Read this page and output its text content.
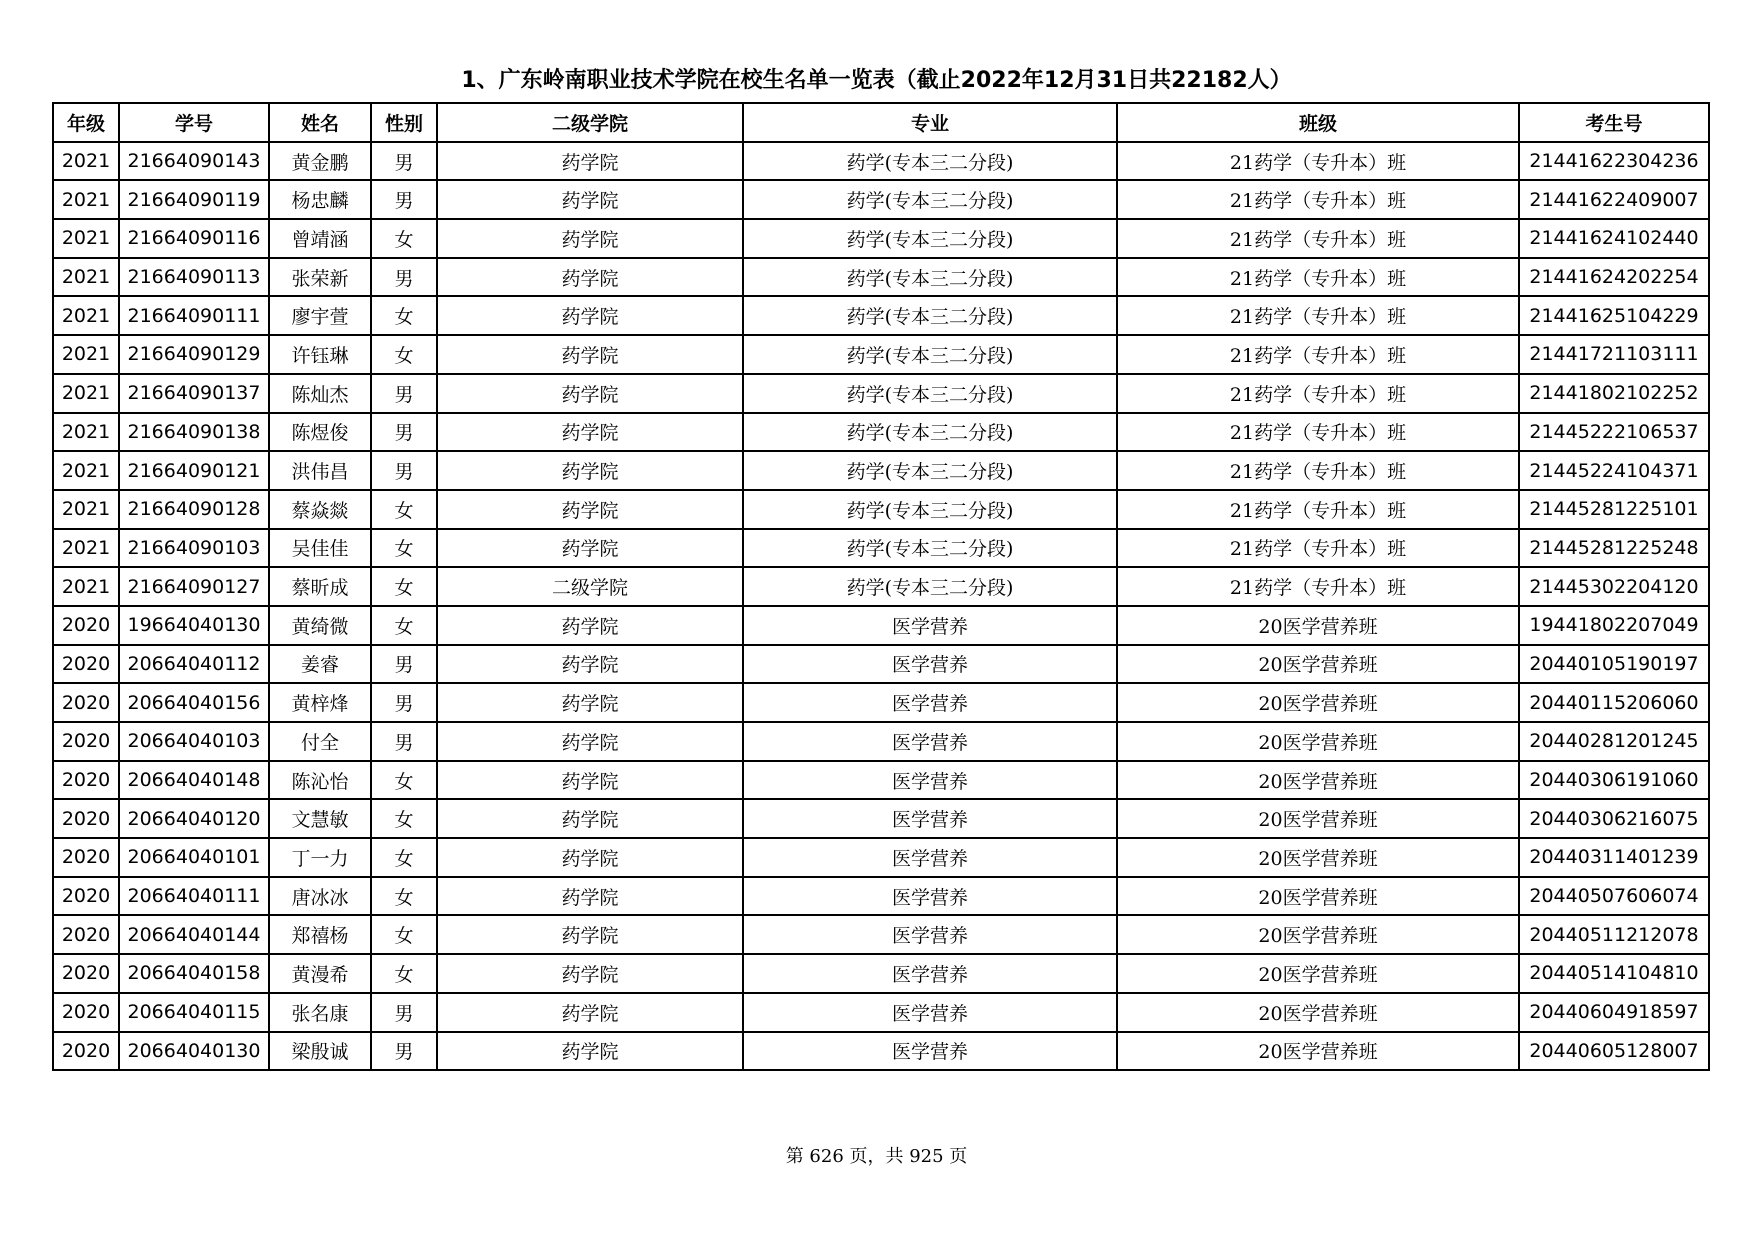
1、广东岭南职业技术学院在校生名单一览表（截止2022年12月31日共22182人）
年级	学号	姓名	性别	二级学院	专业	班级	考生号
2021	21664090143	黄金鹏	男	药学院	药学(专本三二分段)	21药学（专升本）班	21441622304236
2021	21664090119	杨忠麟	男	药学院	药学(专本三二分段)	21药学（专升本）班	21441622409007
2021	21664090116	曾靖涵	女	药学院	药学(专本三二分段)	21药学（专升本）班	21441624102440
2021	21664090113	张荣新	男	药学院	药学(专本三二分段)	21药学（专升本）班	21441624202254
2021	21664090111	廖宇萱	女	药学院	药学(专本三二分段)	21药学（专升本）班	21441625104229
2021	21664090129	许钰琳	女	药学院	药学(专本三二分段)	21药学（专升本）班	21441721103111
2021	21664090137	陈灿杰	男	药学院	药学(专本三二分段)	21药学（专升本）班	21441802102252
2021	21664090138	陈煜俊	男	药学院	药学(专本三二分段)	21药学（专升本）班	21445222106537
2021	21664090121	洪伟昌	男	药学院	药学(专本三二分段)	21药学（专升本）班	21445224104371
2021	21664090128	蔡焱燚	女	药学院	药学(专本三二分段)	21药学（专升本）班	21445281225101
2021	21664090103	吴佳佳	女	药学院	药学(专本三二分段)	21药学（专升本）班	21445281225248
2021	21664090127	蔡昕成	女	二级学院	药学(专本三二分段)	21药学（专升本）班	21445302204120
2020	19664040130	黄绮微	女	药学院	医学营养	20医学营养班	19441802207049
2020	20664040112	姜睿	男	药学院	医学营养	20医学营养班	20440105190197
2020	20664040156	黄梓烽	男	药学院	医学营养	20医学营养班	20440115206060
2020	20664040103	付全	男	药学院	医学营养	20医学营养班	20440281201245
2020	20664040148	陈沁怡	女	药学院	医学营养	20医学营养班	20440306191060
2020	20664040120	文慧敏	女	药学院	医学营养	20医学营养班	20440306216075
2020	20664040101	丁一力	女	药学院	医学营养	20医学营养班	20440311401239
2020	20664040111	唐冰冰	女	药学院	医学营养	20医学营养班	20440507606074
2020	20664040144	郑禧杨	女	药学院	医学营养	20医学营养班	20440511212078
2020	20664040158	黄漫希	女	药学院	医学营养	20医学营养班	20440514104810
2020	20664040115	张名康	男	药学院	医学营养	20医学营养班	20440604918597
2020	20664040130	梁殷诚	男	药学院	医学营养	20医学营养班	20440605128007
第 626 页，共 925 页
